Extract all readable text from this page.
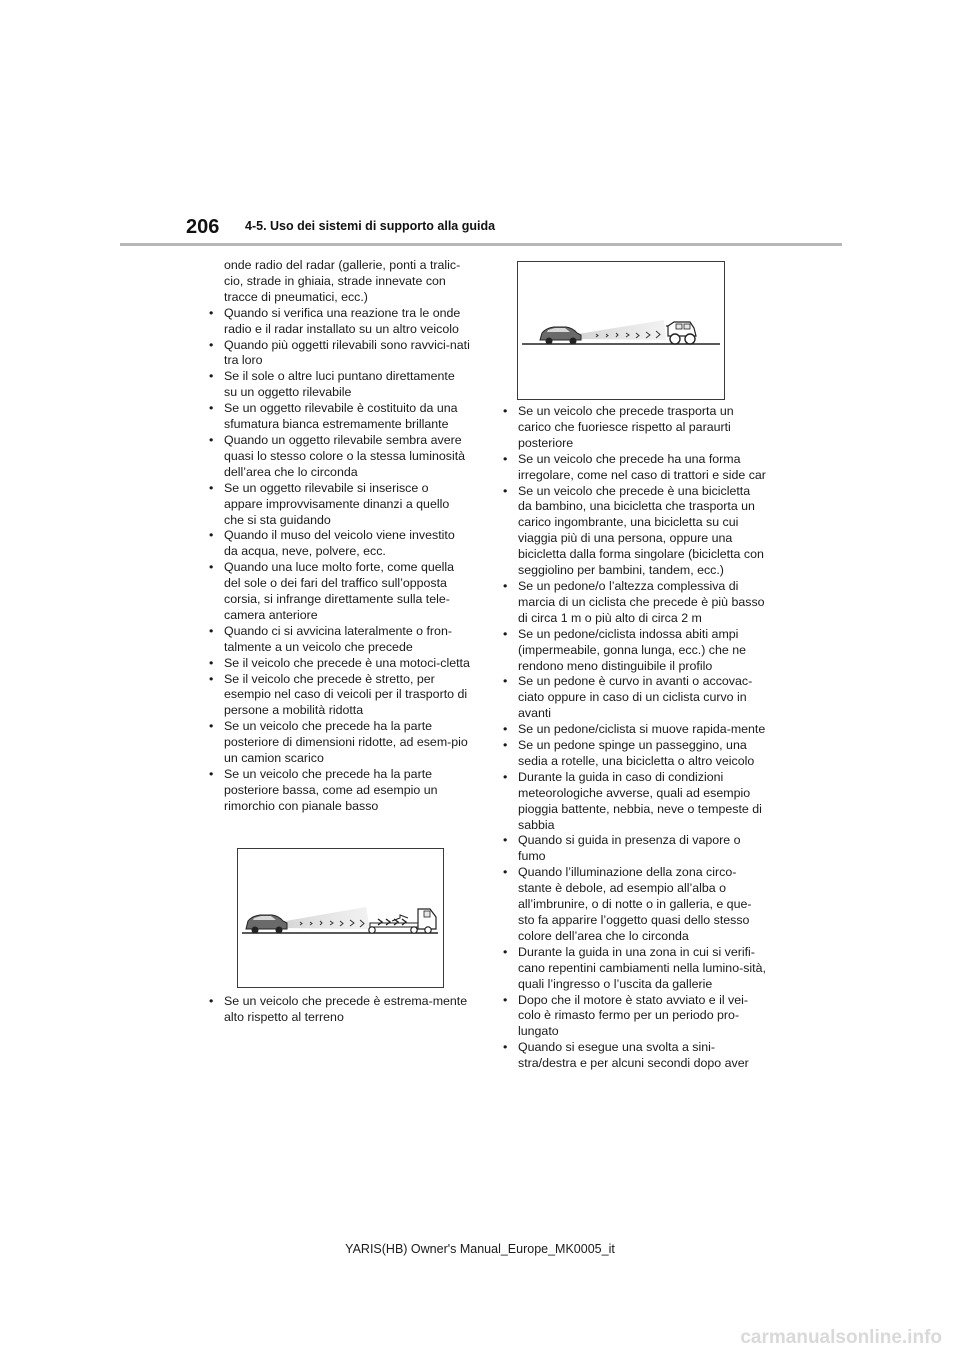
206 4-5. Uso dei sistemi di supporto alla guida

onde radio del radar (gallerie, ponti a tralic-cio, strade in ghiaia, strade innevate con tracce di pneumatici, ecc.)

• Quando si verifica una reazione tra le onde radio e il radar installato su un altro veicolo
• Quando più oggetti rilevabili sono ravvici-nati tra loro
• Se il sole o altre luci puntano direttamente su un oggetto rilevabile
• Se un oggetto rilevabile è costituito da una sfumatura bianca estremamente brillante
• Quando un oggetto rilevabile sembra avere quasi lo stesso colore o la stessa luminosità dell’area che lo circonda
• Se un oggetto rilevabile si inserisce o appare improvvisamente dinanzi a quello che si sta guidando
• Quando il muso del veicolo viene investito da acqua, neve, polvere, ecc.
• Quando una luce molto forte, come quella del sole o dei fari del traffico sull’opposta corsia, si infrange direttamente sulla tele-camera anteriore
• Quando ci si avvicina lateralmente o fron-talmente a un veicolo che precede
• Se il veicolo che precede è una motoci-cletta
• Se il veicolo che precede è stretto, per esempio nel caso di veicoli per il trasporto di persone a mobilità ridotta
• Se un veicolo che precede ha la parte posteriore di dimensioni ridotte, ad esem-pio un camion scarico
• Se un veicolo che precede ha la parte posteriore bassa, come ad esempio un rimorchio con pianale basso
• Se un veicolo che precede è estrema-mente alto rispetto al terreno
• Se un veicolo che precede trasporta un carico che fuoriesce rispetto al paraurti posteriore
• Se un veicolo che precede ha una forma irregolare, come nel caso di trattori e side car
• Se un veicolo che precede è una bicicletta da bambino, una bicicletta che trasporta un carico ingombrante, una bicicletta su cui viaggia più di una persona, oppure una bicicletta dalla forma singolare (bicicletta con seggiolino per bambini, tandem, ecc.)
• Se un pedone/o l’altezza complessiva di marcia di un ciclista che precede è più basso di circa 1 m o più alto di circa 2 m
• Se un pedone/ciclista indossa abiti ampi (impermeabile, gonna lunga, ecc.) che ne rendono meno distinguibile il profilo
• Se un pedone è curvo in avanti o accovac-ciato oppure in caso di un ciclista curvo in avanti
• Se un pedone/ciclista si muove rapida-mente
• Se un pedone spinge un passeggino, una sedia a rotelle, una bicicletta o altro veicolo
• Durante la guida in caso di condizioni meteorologiche avverse, quali ad esempio pioggia battente, nebbia, neve o tempeste di sabbia
• Quando si guida in presenza di vapore o fumo
• Quando l’illuminazione della zona circo-stante è debole, ad esempio all’alba o all’imbrunire, o di notte o in galleria, e que-sto fa apparire l’oggetto quasi dello stesso colore dell’area che lo circonda
• Durante la guida in una zona in cui si verifi-cano repentini cambiamenti nella lumino-sità, quali l’ingresso o l’uscita da gallerie
• Dopo che il motore è stato avviato e il vei-colo è rimasto fermo per un periodo pro-lungato
• Quando si esegue una svolta a sini-stra/destra e per alcuni secondi dopo aver
YARIS(HB) Owner's Manual_Europe_MK0005_it
carmanualsonline.info
